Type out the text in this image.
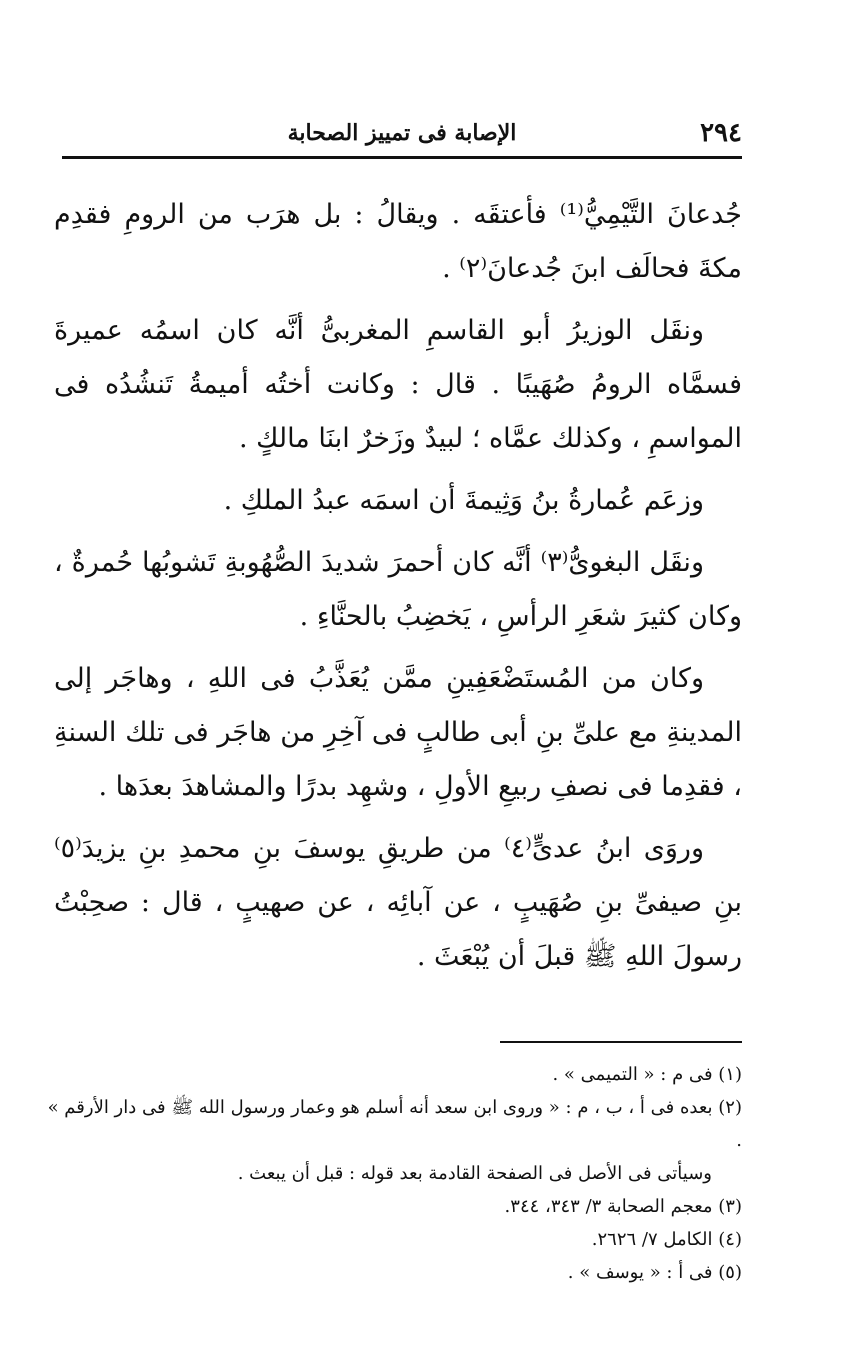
٢٩٤
الإصابة فى تمييز الصحابة

جُدعانَ التَّيْمِيُّ⁽¹⁾ فأعتقَه . ويقالُ : بل هرَب من الرومِ فقدِم مكةَ فحالَف ابنَ جُدعانَ⁽٢⁾ .

ونقَل الوزيرُ أبو القاسمِ المغربىُّ أنَّه كان اسمُه عميرةَ فسمَّاه الرومُ صُهَيبًا . قال : وكانت أختُه أميمةُ تَنشُدُه فى المواسمِ ، وكذلك عمَّاه ؛ لبيدٌ وزَخرٌ ابنَا مالكٍ .

وزعَم عُمارةُ بنُ وَثِيمةَ أن اسمَه عبدُ الملكِ .

ونقَل البغوىُّ⁽٣⁾ أنَّه كان أحمرَ شديدَ الصُّهُوبةِ تَشوبُها حُمرةٌ ، وكان كثيرَ شعَرِ الرأسِ ، يَخضِبُ بالحنَّاءِ .

وكان من المُستَضْعَفِينِ ممَّن يُعَذَّبُ فى اللهِ ، وهاجَر إلى المدينةِ مع علىِّ بنِ أبى طالبٍ فى آخِرِ من هاجَر فى تلك السنةِ ، فقدِما فى نصفِ ربيعِ الأولِ ، وشهِد بدرًا والمشاهدَ بعدَها .

وروَى ابنُ عدىٍّ⁽٤⁾ من طريقِ يوسفَ بنِ محمدِ بنِ يزيدَ⁽٥⁾ بنِ صيفىِّ بنِ صُهَيبٍ ، عن آبائِه ، عن صهيبٍ ، قال : صحِبْتُ رسولَ اللهِ ﷺ قبلَ أن يُبْعَثَ .

(١) فى م : « التميمى » .

(٢) بعده فى أ ، ب ، م : « وروى ابن سعد أنه أسلم هو وعمار ورسول الله ﷺ فى دار الأرقم » .

وسيأتى فى الأصل فى الصفحة القادمة بعد قوله : قبل أن يبعث .

(٣) معجم الصحابة ٣/ ٣٤٣، ٣٤٤.

(٤) الكامل ٧/ ٢٦٢٦.

(٥) فى أ : « يوسف » .
